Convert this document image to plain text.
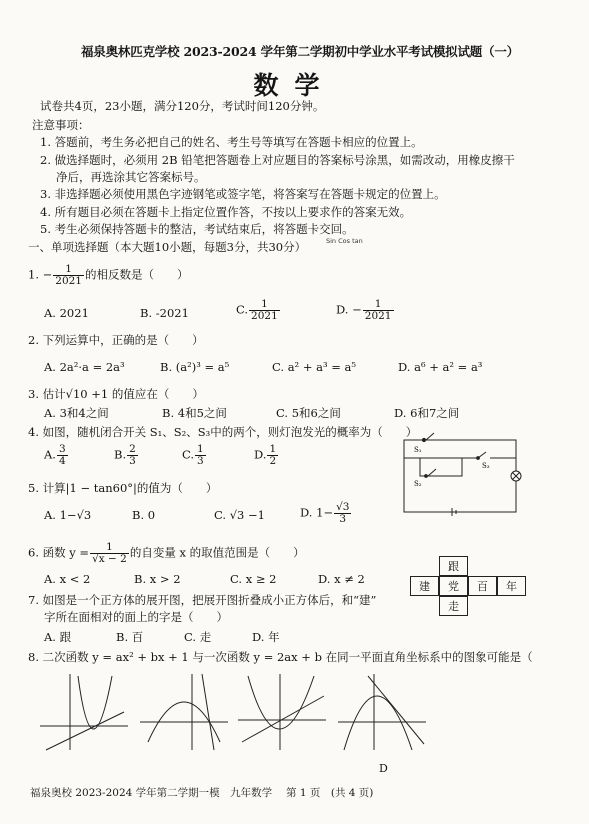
福泉奥林匹克学校 2023-2024 学年第二学期初中学业水平考试模拟试题（一）
数学
试卷共4页，23小题，满分120分，考试时间120分钟。
注意事项：
1. 答题前，考生务必把自己的姓名、考生号等填写在答题卡相应的位置上。
2. 做选择题时，必须用 2B 铅笔把答题卷上对应题目的答案标号涂黑，如需改动，用橡皮擦干
净后，再选涂其它答案标号。
3. 非选择题必须使用黑色字迹钢笔或签字笔，将答案写在答题卡规定的位置上。
4. 所有题目必须在答题卡上指定位置作答，不按以上要求作的答案无效。
5. 考生必须保持答题卡的整洁，考试结束后，将答题卡交回。
一、单项选择题（本大题10小题，每题3分，共30分）	Sin Cos tan
1. − $\frac{1}{2021}$ 的相反数是（　　）
A. 2021	B. -2021	C. $\frac{1}{2021}$	D. − $\frac{1}{2021}$
2. 下列运算中，正确的是（　　）
A. 2a²·a = 2a³	B. (a²)³ = a⁵	C. a² + a³ = a⁵	D. a⁶ + a² = a³
3. 估计√10 +1 的值应在（　　）
A. 3和4之间	B. 4和5之间	C. 5和6之间	D. 6和7之间
4. 如图，随机闭合开关 S₁、S₂、S₃中的两个，则灯泡发光的概率为（　　）
A. $\frac{3}{4}$	B. $\frac{2}{3}$	C. $\frac{1}{3}$	D. $\frac{1}{2}$	S₁
S₂
S₃
5. 计算|1 − tan60°|的值为（　　）
A. 1−√3	B. 0	C. √3 −1	D. $1- \frac{√3}{3}$
6. 函数 $y = \frac{1}{√x - 2}$ 的自变量 x 的取值范围是（　　）
A. x < 2	B. x > 2	C. x ≥ 2	D. x ≠ 2
7. 如图是一个正方体的展开图，把展开图折叠成小正方体后，和“建”
字所在面相对的面上的字是（　　）
A. 跟	B. 百	C. 走	D. 年
跟
建	党	百	年
走
8. 二次函数 y = ax² + bx + 1 与一次函数 y = 2ax + b 在同一平面直角坐标系中的图象可能是（
D
福泉奥校 2023-2024 学年第二学期一模　九年数学 第 1 页　(共 4 页)
